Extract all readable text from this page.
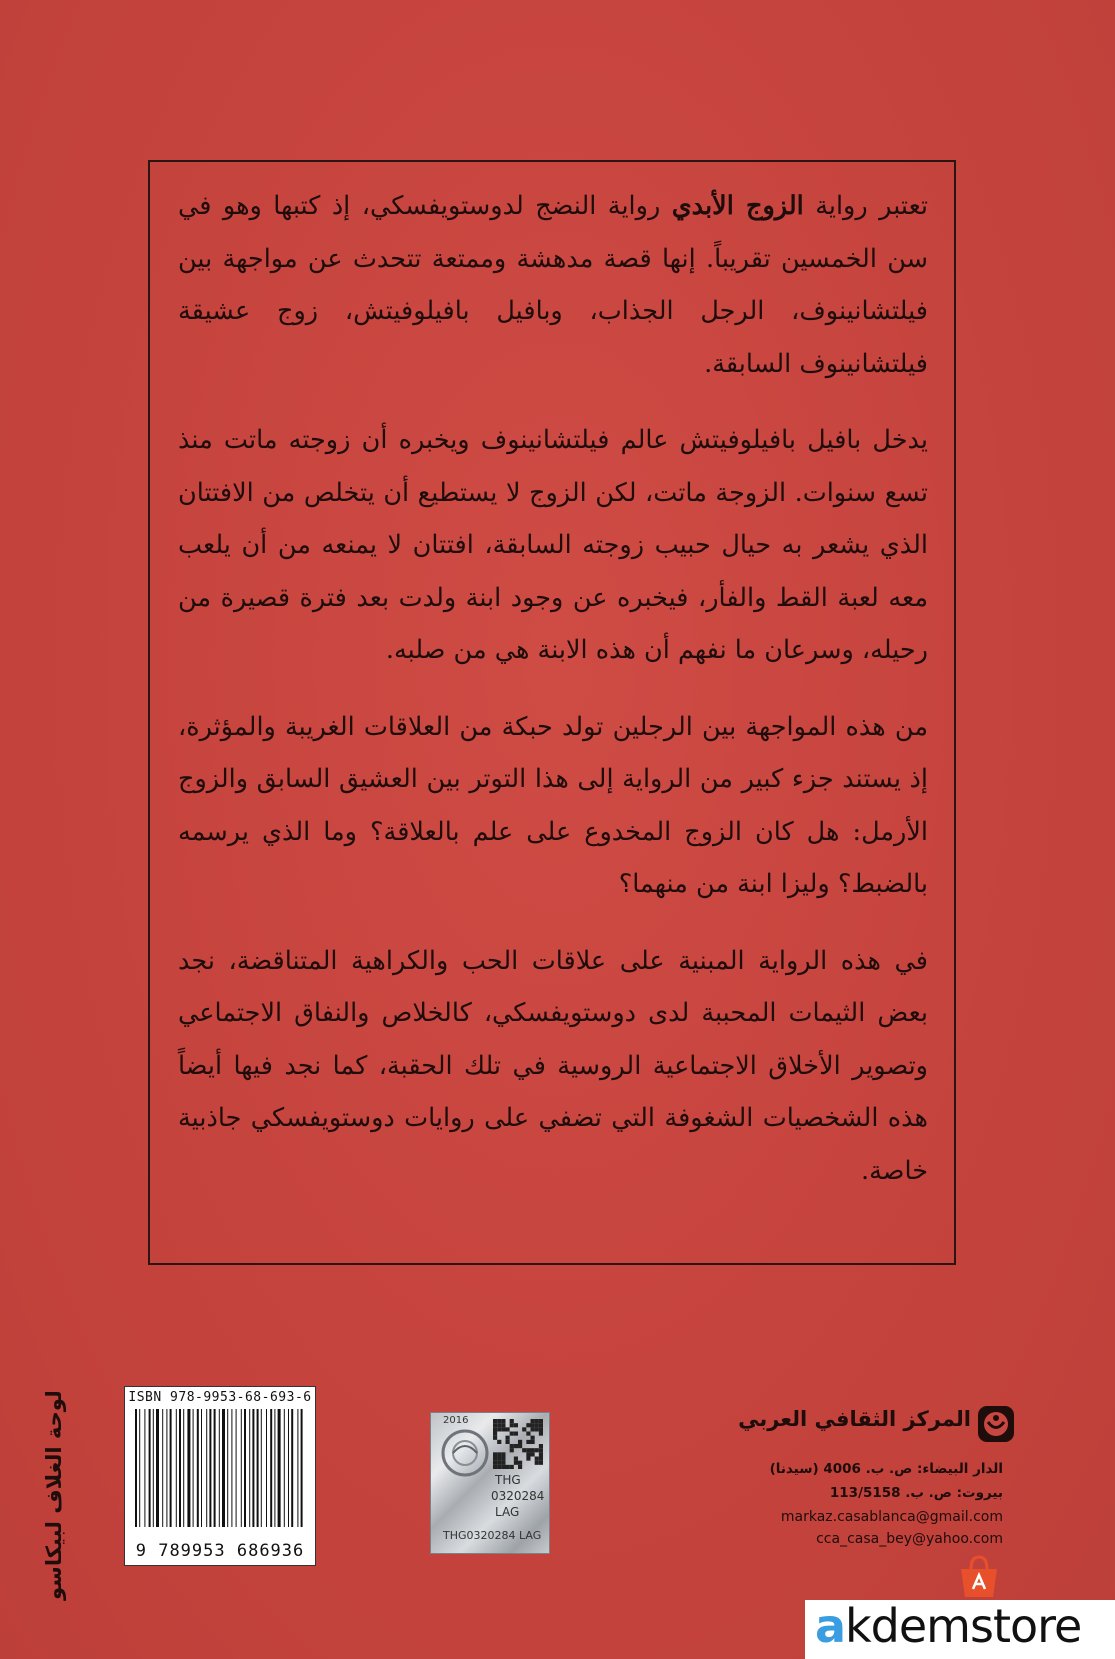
تعتبر رواية الزوج الأبدي رواية النضج لدوستويفسكي، إذ كتبها وهو في سن الخمسين تقريباً. إنها قصة مدهشة وممتعة تتحدث عن مواجهة بين فيلتشانينوف، الرجل الجذاب، وبافيل بافيلوفيتش، زوج عشيقة فيلتشانينوف السابقة.

يدخل بافيل بافيلوفيتش عالم فيلتشانينوف ويخبره أن زوجته ماتت منذ تسع سنوات. الزوجة ماتت، لكن الزوج لا يستطيع أن يتخلص من الافتتان الذي يشعر به حيال حبيب زوجته السابقة، افتتان لا يمنعه من أن يلعب معه لعبة القط والفأر، فيخبره عن وجود ابنة ولدت بعد فترة قصيرة من رحيله، وسرعان ما نفهم أن هذه الابنة هي من صلبه.

من هذه المواجهة بين الرجلين تولد حبكة من العلاقات الغريبة والمؤثرة، إذ يستند جزء كبير من الرواية إلى هذا التوتر بين العشيق السابق والزوج الأرمل: هل كان الزوج المخدوع على علم بالعلاقة؟ وما الذي يرسمه بالضبط؟ وليزا ابنة من منهما؟

في هذه الرواية المبنية على علاقات الحب والكراهية المتناقضة، نجد بعض الثيمات المحببة لدى دوستويفسكي، كالخلاص والنفاق الاجتماعي وتصوير الأخلاق الاجتماعية الروسية في تلك الحقبة، كما نجد فيها أيضاً هذه الشخصيات الشغوفة التي تضفي على روايات دوستويفسكي جاذبية خاصة.

لوحة الغلاف لبيكاسو	ISBN 978-9953-68-693-6
9 789953 686936
2016
THG
0320284
LAG
THG0320284 LAG
المركز الثقافي العربي
الدار البيضاء: ص. ب. 4006 (سيدنا)
بيروت: ص. ب. 113/5158
markaz.casablanca@gmail.com
cca_casa_bey@yahoo.com
akdemstore
